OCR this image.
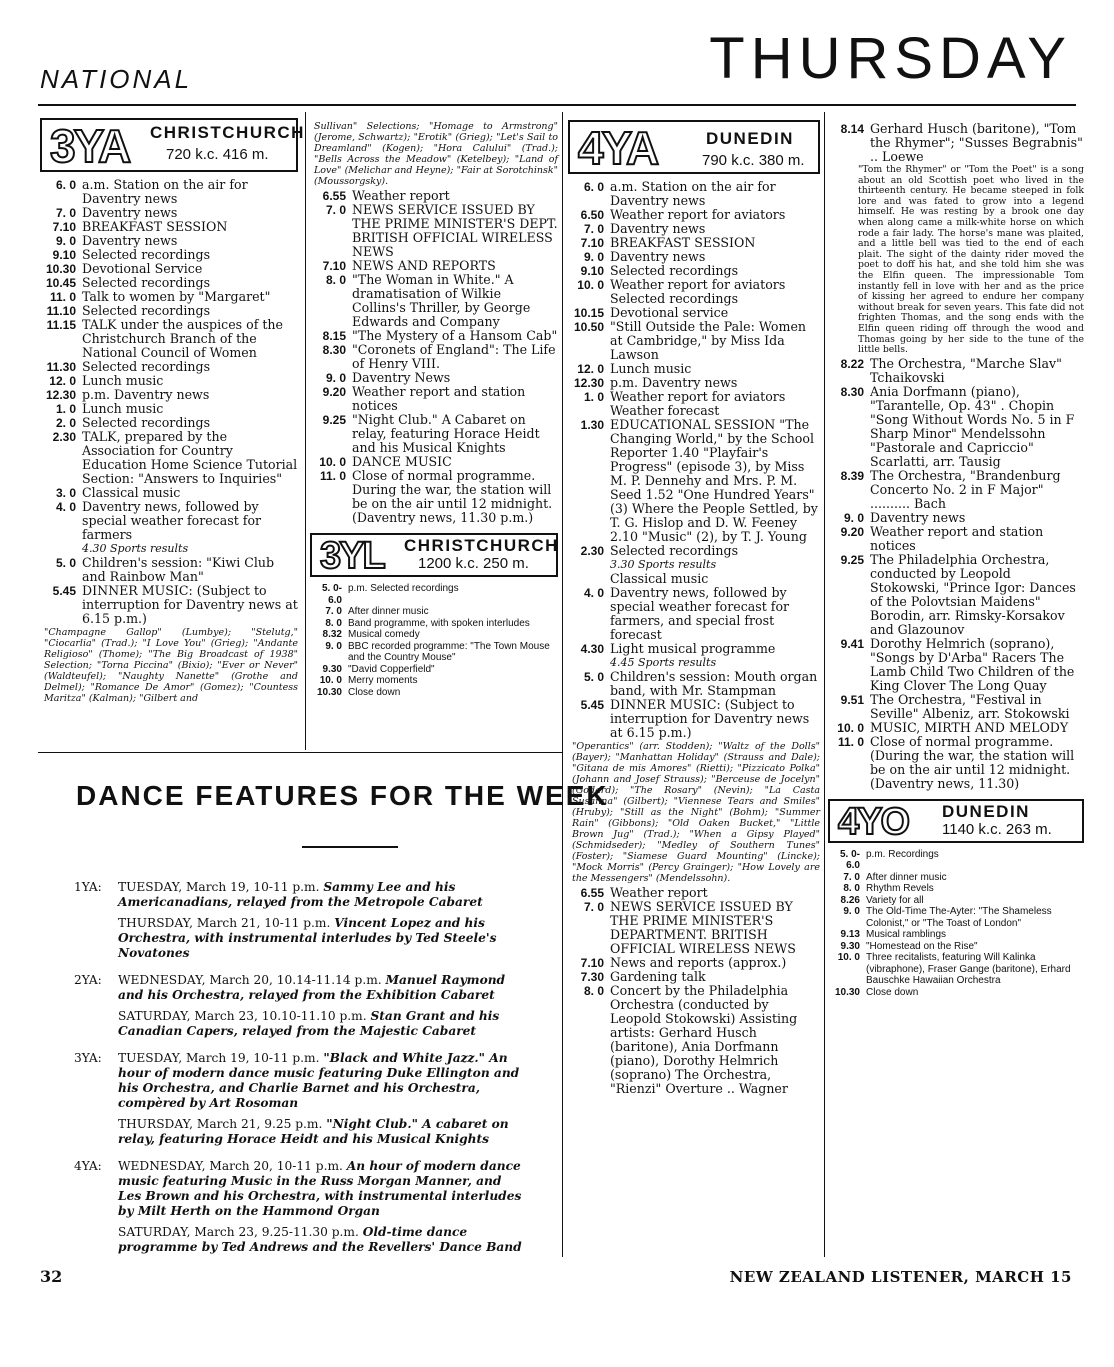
NATIONAL	THURSDAY
3YA CHRISTCHURCH
720 k.c. 416 m.
6. 0 a.m. Station on the air for Daventry news
7. 0 Daventry news
7.10 BREAKFAST SESSION
9. 0 Daventry news
9.10 Selected recordings
10.30 Devotional Service
10.45 Selected recordings
11. 0 Talk to women by "Margaret"
11.10 Selected recordings
11.15 TALK under the auspices of the Christchurch Branch of the National Council of Women
11.30 Selected recordings
12. 0 Lunch music
12.30 p.m. Daventry news
1. 0 Lunch music
2. 0 Selected recordings
2.30 TALK, prepared by the Association for Country Education Home Science Tutorial Section: "Answers to Inquiries"
3. 0 Classical music
4. 0 Daventry news, followed by special weather forecast for farmers
4.30 Sports results
5. 0 Children's session: "Kiwi Club and Rainbow Man"
5.45 DINNER MUSIC: (Subject to interruption for Daventry news at 6.15 p.m.)
"Champagne Gallop" (Lumbye); "Stelutg," "Ciocarlia" (Trad.); "I Love You" (Grieg); "Andante Religioso" (Thome); "The Big Broadcast of 1938" Selection; "Torna Piccina" (Bixio); "Ever or Never" (Waldteufel); "Naughty Nanette" (Grothe and Delmel); "Romance De Amor" (Gomez); "Countess Maritza" (Kalman); "Gilbert and
Sullivan" Selections; "Homage to Armstrong" (Jerome, Schwartz); "Erotik" (Grieg); "Let's Sail to Dreamland" (Kogen); "Hora Calului" (Trad.); "Bells Across the Meadow" (Ketelbey); "Land of Love" (Melichar and Heyne); "Fair at Sorotchinsk" (Moussorgsky).
6.55 Weather report
7. 0 NEWS SERVICE ISSUED BY THE PRIME MINISTER'S DEPT. BRITISH OFFICIAL WIRELESS NEWS
7.10 NEWS AND REPORTS
8. 0 "The Woman in White." A dramatisation of Wilkie Collins's Thriller, by George Edwards and Company
8.15 "The Mystery of a Hansom Cab"
8.30 "Coronets of England": The Life of Henry VIII.
9. 0 Daventry News
9.20 Weather report and station notices
9.25 "Night Club." A Cabaret on relay, featuring Horace Heidt and his Musical Knights
10. 0 DANCE MUSIC
11. 0 Close of normal programme. During the war, the station will be on the air until 12 midnight. (Daventry news, 11.30 p.m.)
3YL CHRISTCHURCH
1200 k.c. 250 m.
5. 0-6.0
p.m. Selected recordings
7. 0 After dinner music
8. 0 Band programme, with spoken interludes
8.32 Musical comedy
9. 0 BBC recorded programme: "The Town Mouse and the Country Mouse"
9.30 "David Copperfield"
10. 0 Merry moments
10.30 Close down
DANCE FEATURES FOR THE WEEK
1YA:	TUESDAY, March 19, 10-11 p.m. Sammy Lee and his Americanadians, relayed from the Metropole Cabaret
THURSDAY, March 21, 10-11 p.m. Vincent Lopez and his Orchestra, with instrumental interludes by Ted Steele's Novatones
2YA:	WEDNESDAY, March 20, 10.14-11.14 p.m. Manuel Raymond and his Orchestra, relayed from the Exhibition Cabaret
SATURDAY, March 23, 10.10-11.10 p.m. Stan Grant and his Canadian Capers, relayed from the Majestic Cabaret
3YA:	TUESDAY, March 19, 10-11 p.m. "Black and White Jazz." An hour of modern dance music featuring Duke Ellington and his Orchestra, and Charlie Barnet and his Orchestra, compèred by Art Rosoman
THURSDAY, March 21, 9.25 p.m. "Night Club." A cabaret on relay, featuring Horace Heidt and his Musical Knights
4YA:	WEDNESDAY, March 20, 10-11 p.m. An hour of modern dance music featuring Music in the Russ Morgan Manner, and Les Brown and his Orchestra, with instrumental interludes by Milt Herth on the Hammond Organ
SATURDAY, March 23, 9.25-11.30 p.m. Old-time dance programme by Ted Andrews and the Revellers' Dance Band
4YA	DUNEDIN
790 k.c. 380 m.
6. 0 a.m. Station on the air for Daventry news
6.50 Weather report for aviators
7. 0 Daventry news
7.10 BREAKFAST SESSION
9. 0 Daventry news
9.10 Selected recordings
10. 0 Weather report for aviators Selected recordings
10.15 Devotional service
10.50 "Still Outside the Pale: Women at Cambridge," by Miss Ida Lawson
12. 0 Lunch music
12.30 p.m. Daventry news
1. 0 Weather report for aviators Weather forecast
1.30 EDUCATIONAL SESSION "The Changing World," by the School Reporter 1.40 "Playfair's Progress" (episode 3), by Miss M. P. Dennehy and Mrs. P. M. Seed 1.52 "One Hundred Years" (3) Where the People Settled, by T. G. Hislop and D. W. Feeney 2.10 "Music" (2), by T. J. Young
2.30 Selected recordings
3.30 Sports results
Classical music
4. 0 Daventry news, followed by special weather forecast for farmers, and special frost forecast
4.30 Light musical programme
4.45 Sports results
5. 0 Children's session: Mouth organ band, with Mr. Stampman
5.45 DINNER MUSIC: (Subject to interruption for Daventry news at 6.15 p.m.)
"Operantics" (arr. Stodden); "Waltz of the Dolls" (Bayer); "Manhattan Holiday" (Strauss and Dale); "Gitana de mis Amores" (Rietti); "Pizzicato Polka" (Johann and Josef Strauss); "Berceuse de Jocelyn" (Godard); "The Rosary" (Nevin); "La Casta Susanna" (Gilbert); "Viennese Tears and Smiles" (Hruby); "Still as the Night" (Bohm); "Summer Rain" (Gibbons); "Old Oaken Bucket," "Little Brown Jug" (Trad.); "When a Gipsy Played" (Schmidseder); "Medley of Southern Tunes" (Foster); "Siamese Guard Mounting" (Lincke); "Mock Morris" (Percy Grainger); "How Lovely are the Messengers" (Mendelssohn).
6.55 Weather report
7. 0 NEWS SERVICE ISSUED BY THE PRIME MINISTER'S DEPARTMENT. BRITISH OFFICIAL WIRELESS NEWS
7.10 News and reports (approx.)
7.30 Gardening talk
8. 0 Concert by the Philadelphia Orchestra (conducted by Leopold Stokowski) Assisting artists: Gerhard Husch (baritone), Ania Dorfmann (piano), Dorothy Helmrich (soprano) The Orchestra, "Rienzi" Overture .. Wagner
8.14 Gerhard Husch (baritone), "Tom the Rhymer"; "Susses Begrabnis" .. Loewe
"Tom the Rhymer" or "Tom the Poet" is a song about an old Scottish poet who lived in the thirteenth century. He became steeped in folk lore and was fated to grow into a legend himself. He was resting by a brook one day when along came a milk-white horse on which rode a fair lady. The horse's mane was plaited, and a little bell was tied to the end of each plait. The sight of the dainty rider moved the poet to doff his hat, and she told him she was the Elfin queen. The impressionable Tom instantly fell in love with her and as the price of kissing her agreed to endure her company without break for seven years. This fate did not frighten Thomas, and the song ends with the Elfin queen riding off through the wood and Thomas going by her side to the tune of the little bells.
8.22 The Orchestra, "Marche Slav" Tchaikovski
8.30 Ania Dorfmann (piano), "Tarantelle, Op. 43" . Chopin "Song Without Words No. 5 in F Sharp Minor" Mendelssohn "Pastorale and Capriccio" Scarlatti, arr. Tausig
8.39 The Orchestra, "Brandenburg Concerto No. 2 in F Major" .......... Bach
9. 0 Daventry news
9.20 Weather report and station notices
9.25 The Philadelphia Orchestra, conducted by Leopold Stokowski, "Prince Igor: Dances of the Polovtsian Maidens" Borodin, arr. Rimsky-Korsakov and Glazounov
9.41 Dorothy Helmrich (soprano), "Songs by D'Arba" Racers The Lamb Child Two Children of the King Clover The Long Quay
9.51 The Orchestra, "Festival in Seville" Albeniz, arr. Stokowski
10. 0 MUSIC, MIRTH AND MELODY
11. 0 Close of normal programme. (During the war, the station will be on the air until 12 midnight. (Daventry news, 11.30)
4YO DUNEDIN
1140 k.c. 263 m.
5. 0-6.0
p.m. Recordings
7. 0 After dinner music
8. 0 Rhythm Revels
8.26 Variety for all
9. 0 The Old-Time The-Ayter: "The Shameless Colonist," or "The Toast of London"
9.13 Musical ramblings
9.30 "Homestead on the Rise"
10. 0 Three recitalists, featuring Will Kalinka (vibraphone), Fraser Gange (baritone), Erhard Bauschke Hawaiian Orchestra
10.30 Close down
32	NEW ZEALAND LISTENER, MARCH 15
